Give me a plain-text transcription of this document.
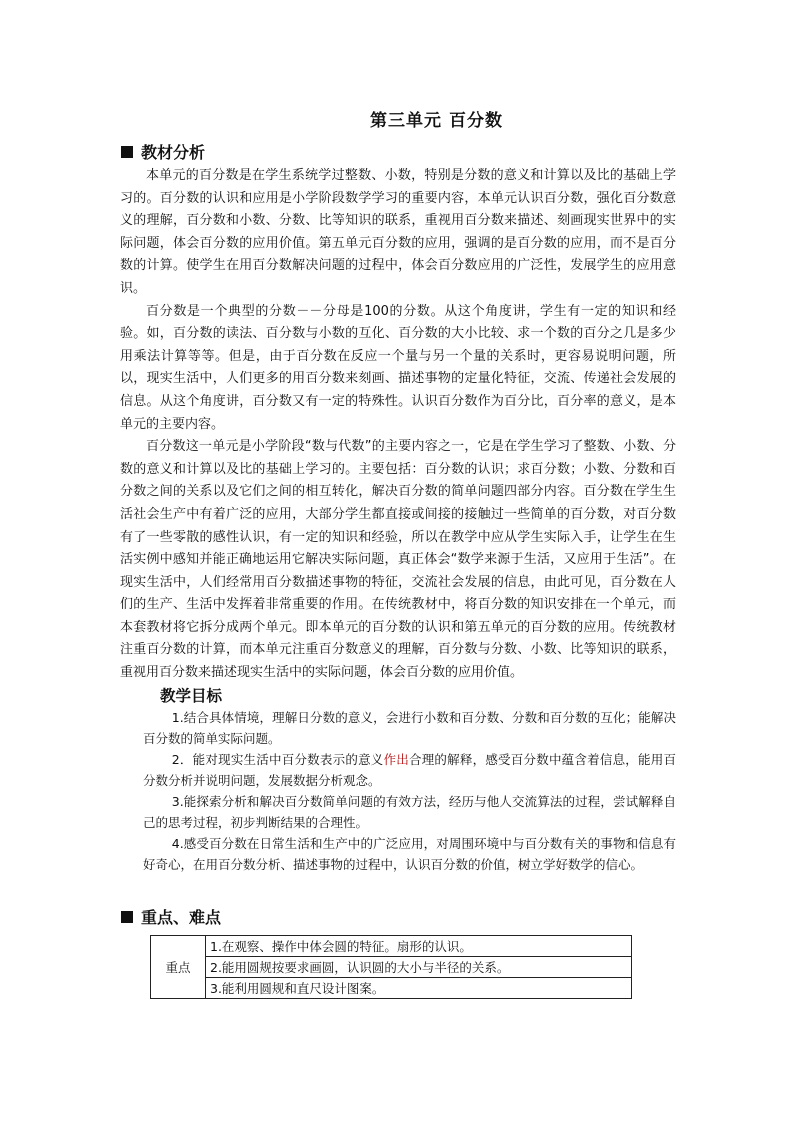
第三单元 百分数
教材分析

本单元的百分数是在学生系统学过整数、小数，特别是分数的意义和计算以及比的基础上学习的。百分数的认识和应用是小学阶段数学学习的重要内容，本单元认识百分数，强化百分数意义的理解，百分数和小数、分数、比等知识的联系，重视用百分数来描述、刻画现实世界中的实际问题，体会百分数的应用价值。第五单元百分数的应用，强调的是百分数的应用，而不是百分数的计算。使学生在用百分数解决问题的过程中，体会百分数应用的广泛性，发展学生的应用意识。

百分数是一个典型的分数－－分母是100的分数。从这个角度讲，学生有一定的知识和经验。如，百分数的读法、百分数与小数的互化、百分数的大小比较、求一个数的百分之几是多少用乘法计算等等。但是，由于百分数在反应一个量与另一个量的关系时，更容易说明问题，所以，现实生活中，人们更多的用百分数来刻画、描述事物的定量化特征，交流、传递社会发展的信息。从这个角度讲，百分数又有一定的特殊性。认识百分数作为百分比，百分率的意义，是本单元的主要内容。

百分数这一单元是小学阶段“数与代数”的主要内容之一，它是在学生学习了整数、小数、分数的意义和计算以及比的基础上学习的。主要包括：百分数的认识；求百分数；小数、分数和百分数之间的关系以及它们之间的相互转化，解决百分数的简单问题四部分内容。百分数在学生生活社会生产中有着广泛的应用，大部分学生都直接或间接的接触过一些简单的百分数，对百分数有了一些零散的感性认识，有一定的知识和经验，所以在教学中应从学生实际入手，让学生在生活实例中感知并能正确地运用它解决实际问题，真正体会“数学来源于生活，又应用于生活”。在现实生活中，人们经常用百分数描述事物的特征，交流社会发展的信息，由此可见，百分数在人们的生产、生活中发挥着非常重要的作用。在传统教材中，将百分数的知识安排在一个单元，而本套教材将它拆分成两个单元。即本单元的百分数的认识和第五单元的百分数的应用。传统教材注重百分数的计算，而本单元注重百分数意义的理解，百分数与分数、小数、比等知识的联系，重视用百分数来描述现实生活中的实际问题，体会百分数的应用价值。

教学目标

1.结合具体情境，理解日分数的意义，会进行小数和百分数、分数和百分数的互化；能解决百分数的简单实际问题。

2．能对现实生活中百分数表示的意义作出合理的解释，感受百分数中蕴含着信息，能用百分数分析并说明问题，发展数据分析观念。

3.能探索分析和解决百分数简单问题的有效方法，经历与他人交流算法的过程，尝试解释自己的思考过程，初步判断结果的合理性。

4.感受百分数在日常生活和生产中的广泛应用，对周围环境中与百分数有关的事物和信息有好奇心，在用百分数分析、描述事物的过程中，认识百分数的价值，树立学好数学的信心。

重点、难点
重点	1.在观察、操作中体会圆的特征。扇形的认识。
2.能用圆规按要求画圆，认识圆的大小与半径的关系。
3.能利用圆规和直尺设计图案。
